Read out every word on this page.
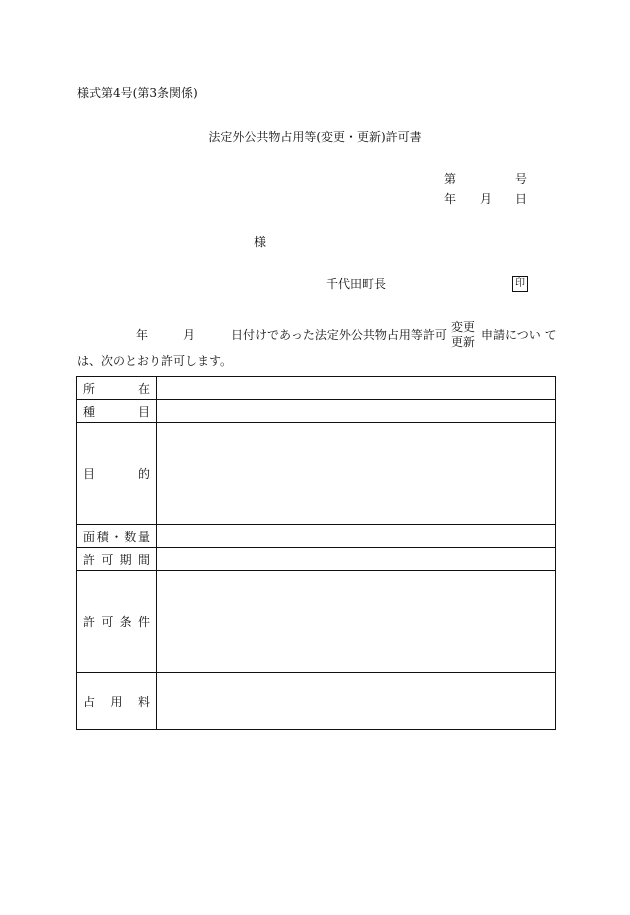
様式第4号(第3条関係)
法定外公共物占用等(変更・更新)許可書
第	号
年 月 日
様
千代田町長	印
年	月	日付けであった法定外公共物占用等許可
変更
更新 申請につい て
は、次のとおり許可します。
所 在	

種 目	

目 的	

面 積 ・ 数 量	

許 可 期 間	

許 可 条 件	

占 用 料	
